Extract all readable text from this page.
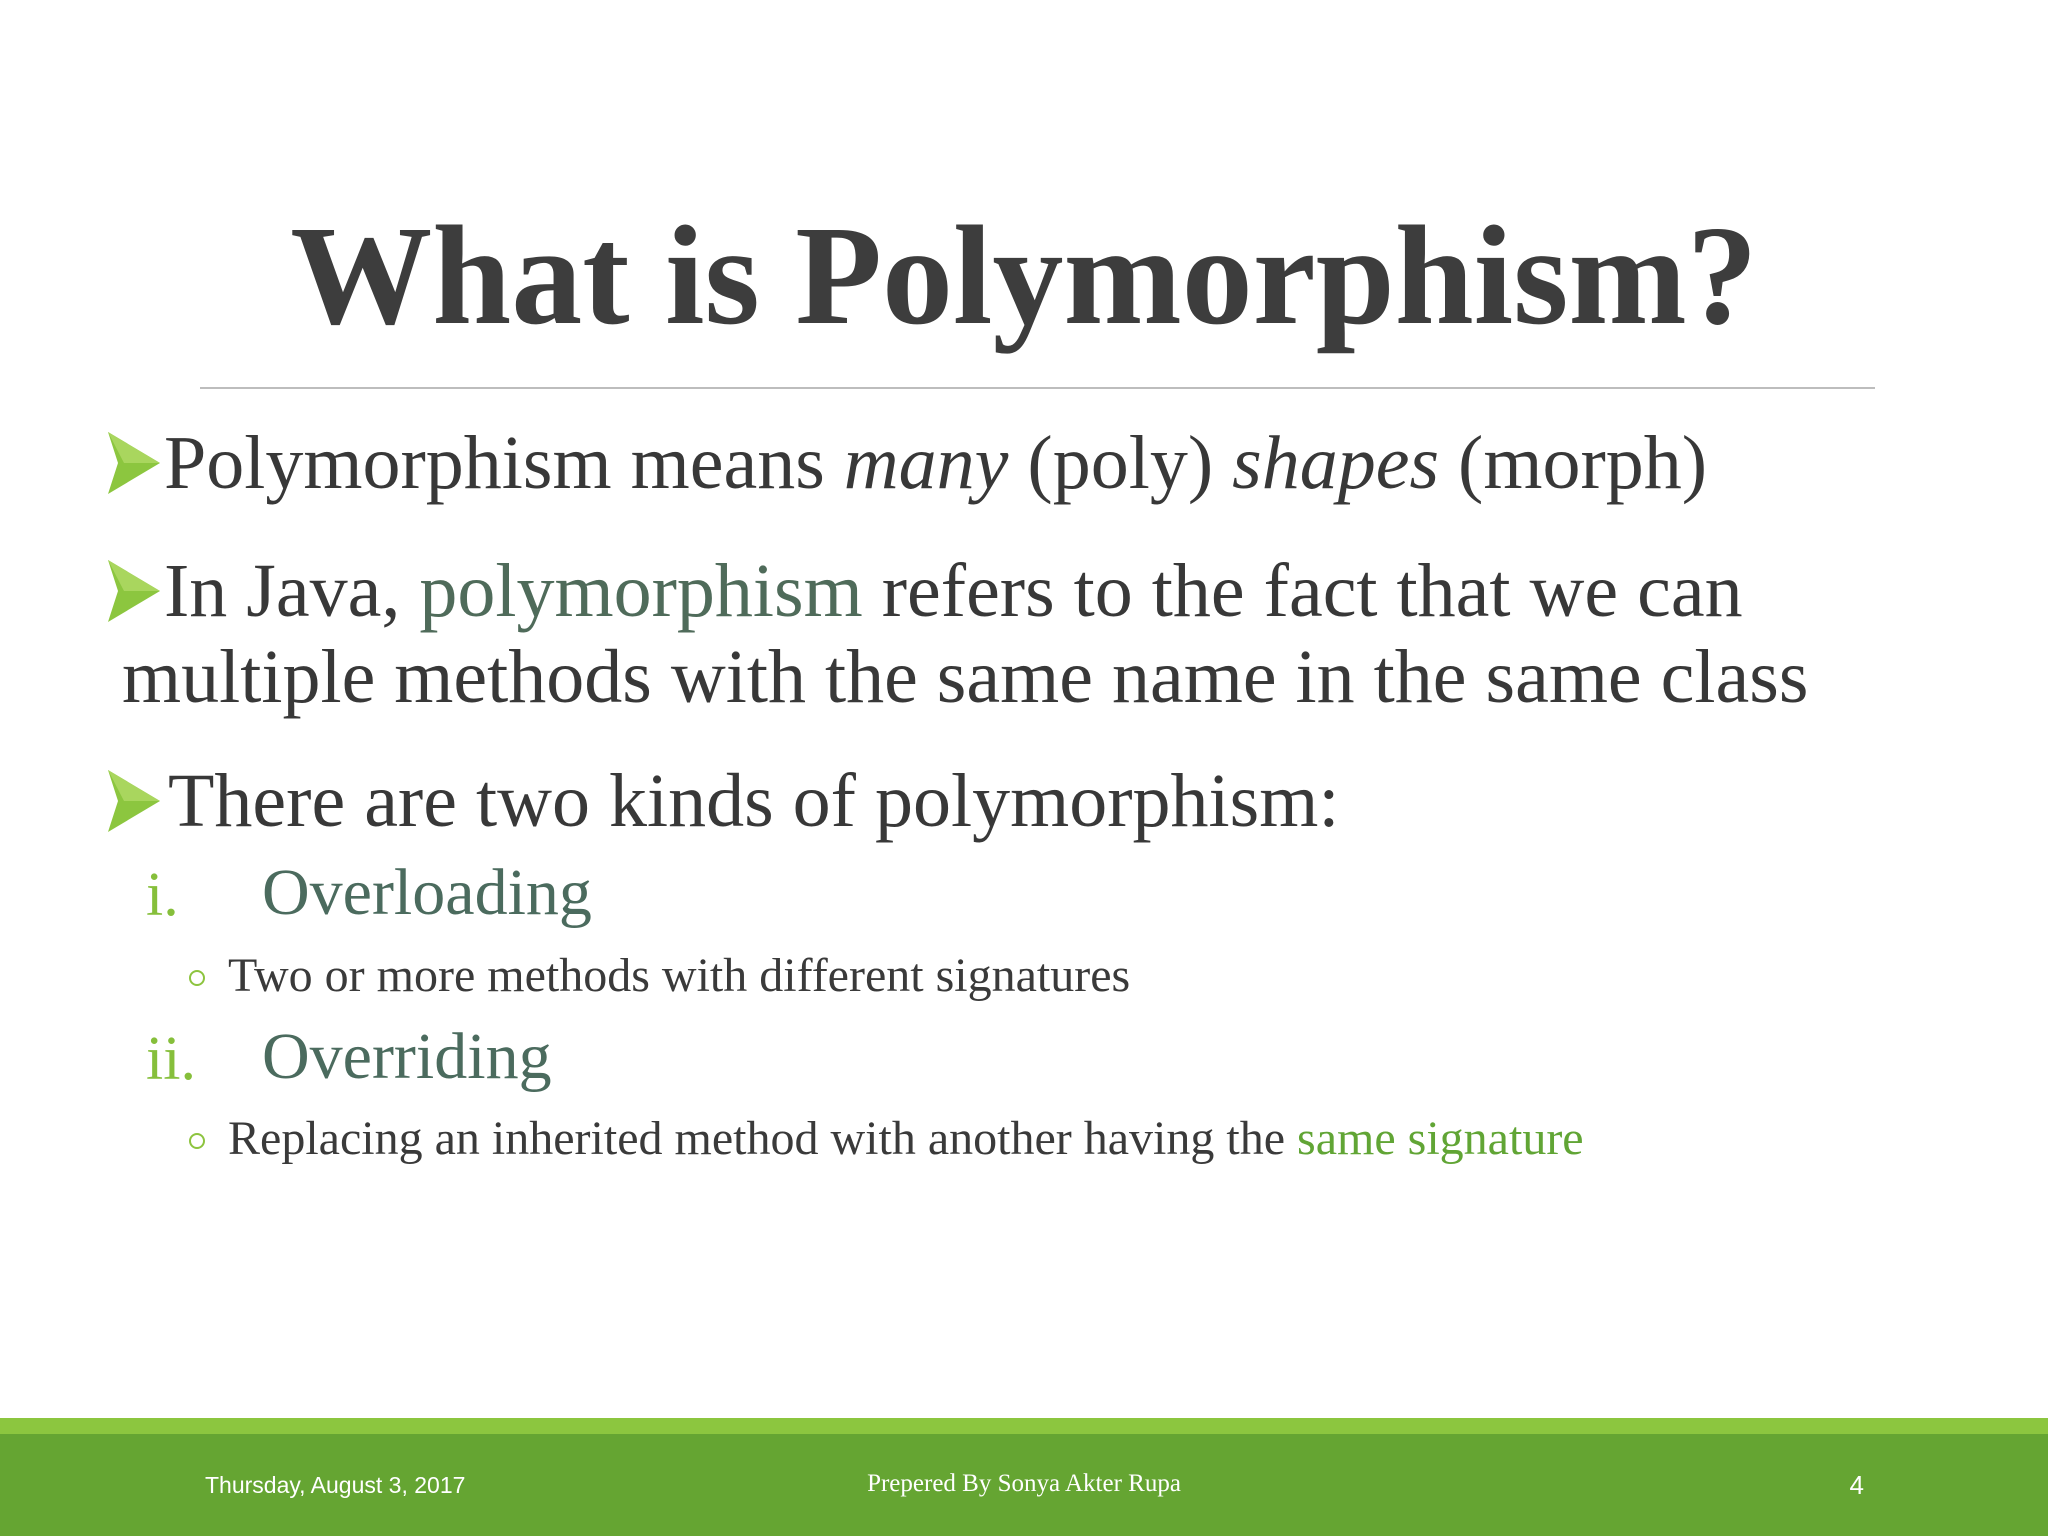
What is Polymorphism?
Polymorphism means many (poly) shapes (morph)
In Java, polymorphism refers to the fact that we can
multiple methods with the same name in the same class
There are two kinds of polymorphism:
i. Overloading
Two or more methods with different signatures
ii. Overriding
Replacing an inherited method with another having the same signature
Thursday, August 3, 2017	Prepered By Sonya Akter Rupa	4
